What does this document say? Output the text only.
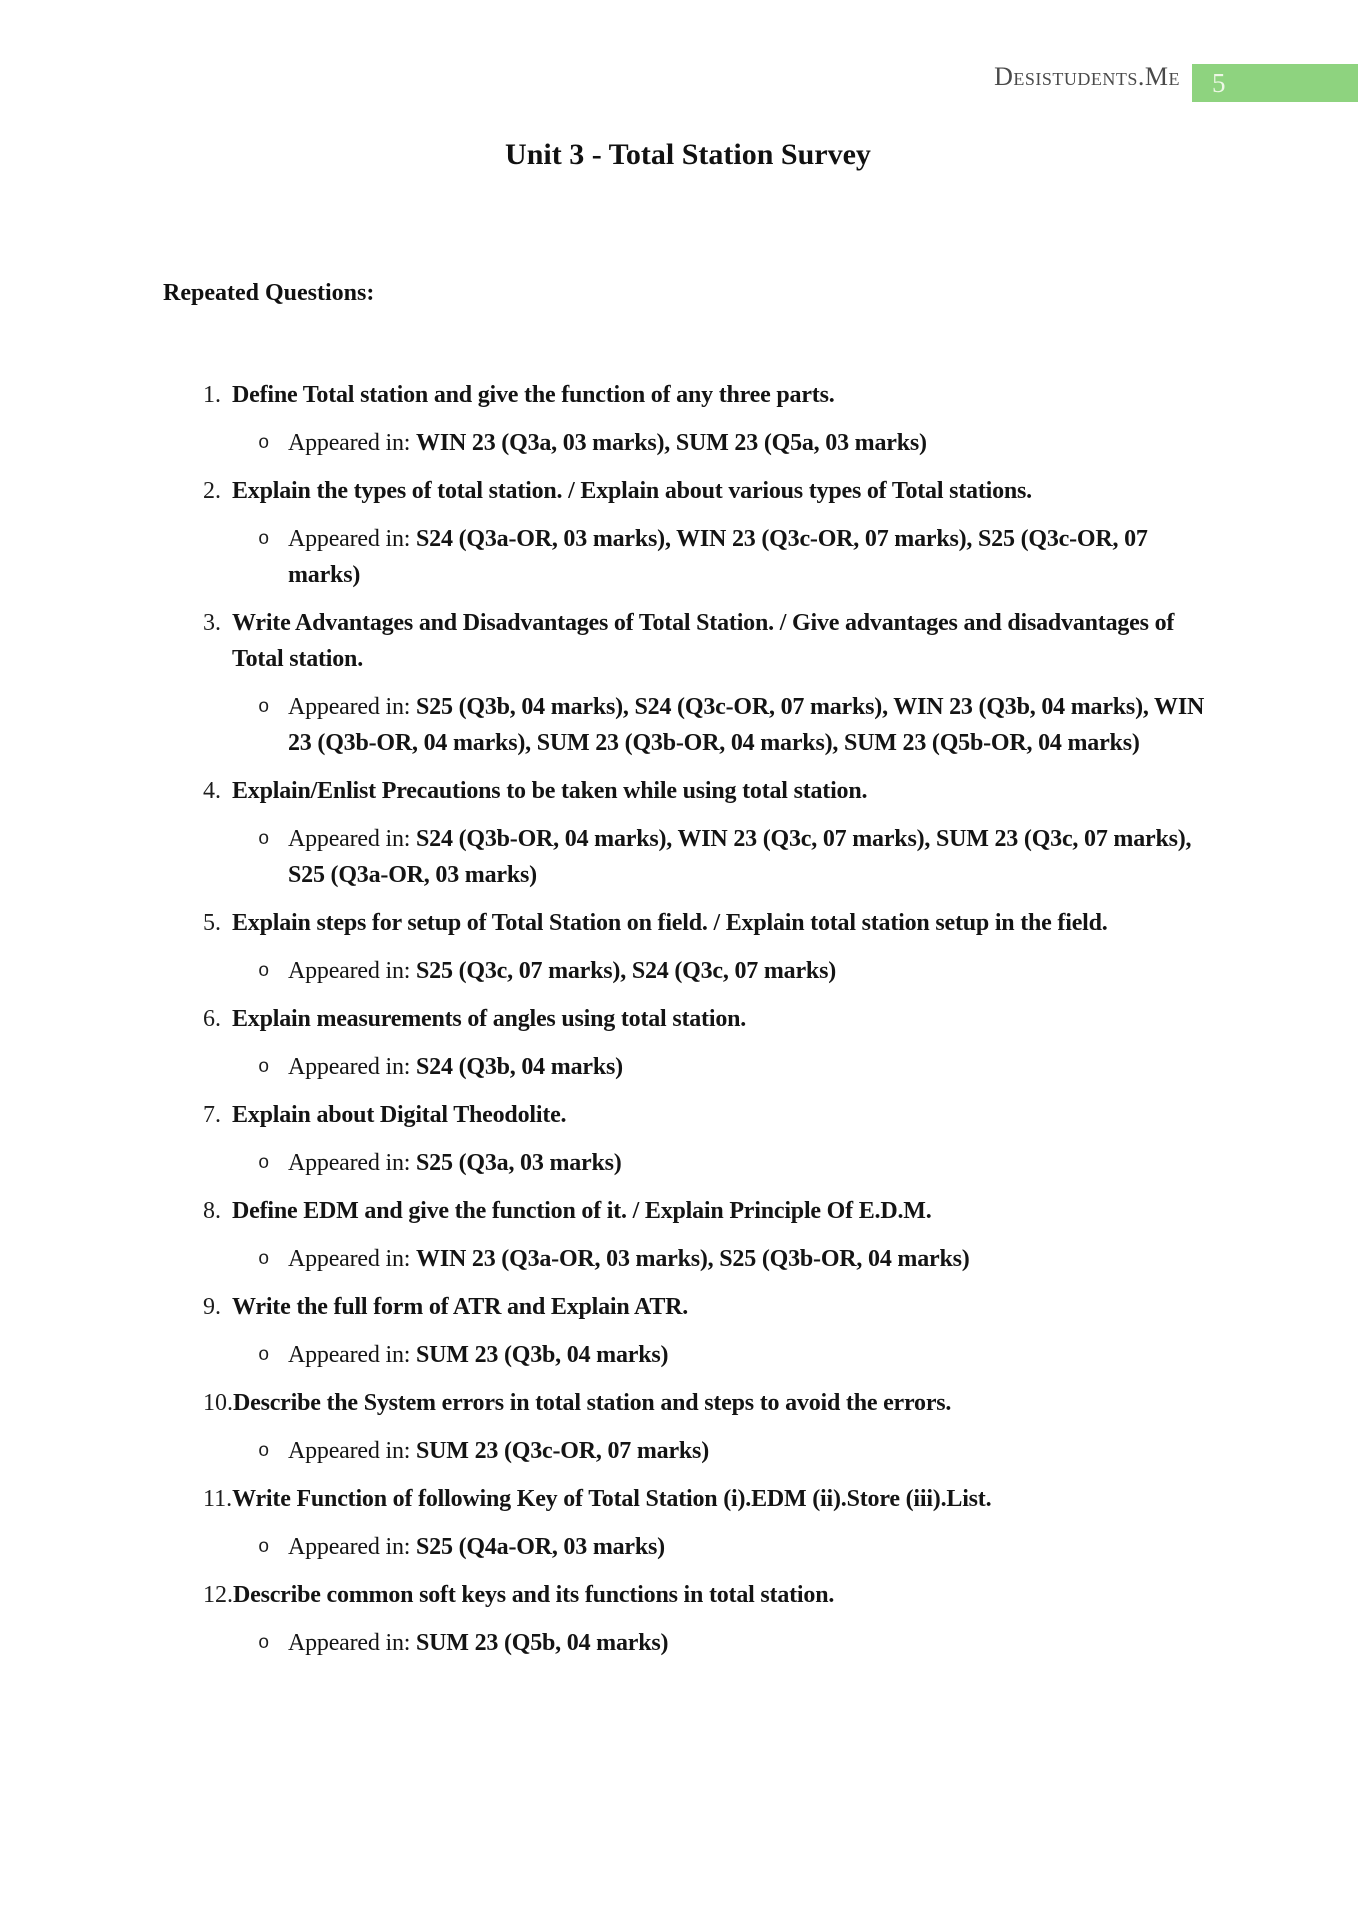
Desistudents.Me	5
Unit 3 - Total Station Survey
Repeated Questions:
1. Define Total station and give the function of any three parts.
o Appeared in: WIN 23 (Q3a, 03 marks), SUM 23 (Q5a, 03 marks)
2. Explain the types of total station. / Explain about various types of Total stations.
o Appeared in: S24 (Q3a-OR, 03 marks), WIN 23 (Q3c-OR, 07 marks), S25 (Q3c-OR, 07 marks)
3. Write Advantages and Disadvantages of Total Station. / Give advantages and disadvantages of Total station.
o Appeared in: S25 (Q3b, 04 marks), S24 (Q3c-OR, 07 marks), WIN 23 (Q3b, 04 marks), WIN 23 (Q3b-OR, 04 marks), SUM 23 (Q3b-OR, 04 marks), SUM 23 (Q5b-OR, 04 marks)
4. Explain/Enlist Precautions to be taken while using total station.
o Appeared in: S24 (Q3b-OR, 04 marks), WIN 23 (Q3c, 07 marks), SUM 23 (Q3c, 07 marks), S25 (Q3a-OR, 03 marks)
5. Explain steps for setup of Total Station on field. / Explain total station setup in the field.
o Appeared in: S25 (Q3c, 07 marks), S24 (Q3c, 07 marks)
6. Explain measurements of angles using total station.
o Appeared in: S24 (Q3b, 04 marks)
7. Explain about Digital Theodolite.
o Appeared in: S25 (Q3a, 03 marks)
8. Define EDM and give the function of it. / Explain Principle Of E.D.M.
o Appeared in: WIN 23 (Q3a-OR, 03 marks), S25 (Q3b-OR, 04 marks)
9. Write the full form of ATR and Explain ATR.
o Appeared in: SUM 23 (Q3b, 04 marks)
10. Describe the System errors in total station and steps to avoid the errors.
o Appeared in: SUM 23 (Q3c-OR, 07 marks)
11. Write Function of following Key of Total Station (i).EDM (ii).Store (iii).List.
o Appeared in: S25 (Q4a-OR, 03 marks)
12. Describe common soft keys and its functions in total station.
o Appeared in: SUM 23 (Q5b, 04 marks)
